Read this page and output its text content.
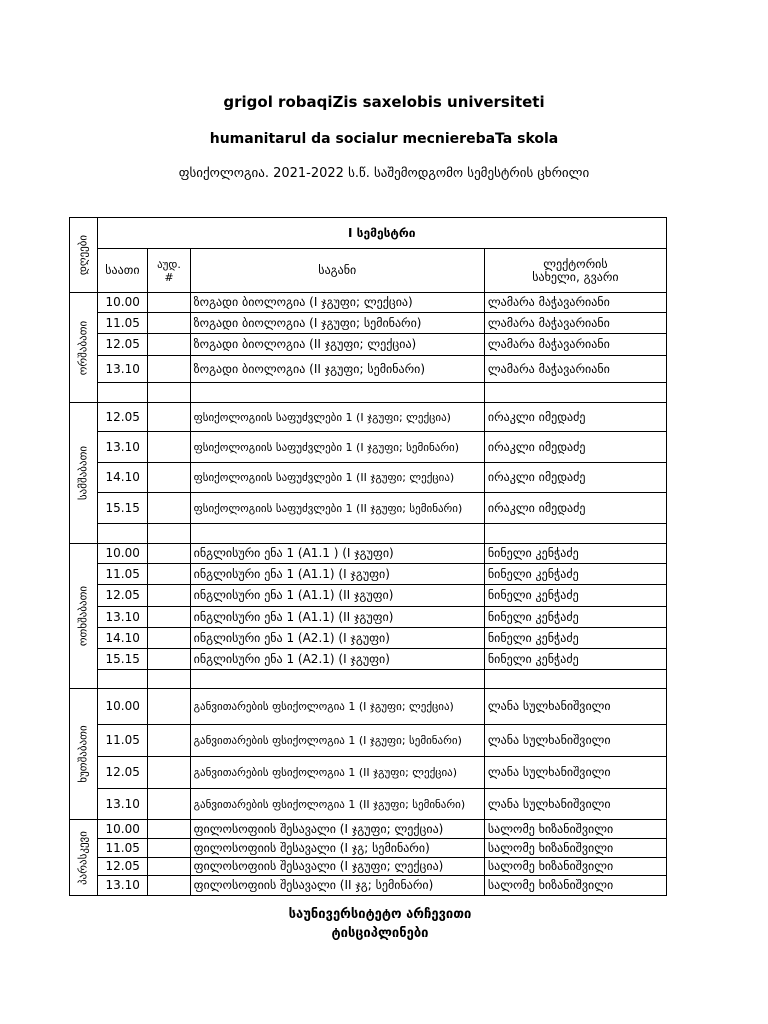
grigol robaqiZis saxelobis universiteti
humanitarul da socialur mecnierebaTa skola
ფსიქოლოგია. 2021-2022 ს.წ. საშემოდგომო სემესტრის ცხრილი
დღეები	I სემესტრი			
	საათი	აუდ. #	საგანი	ლექტორის
სახელი, გვარი

ორშაბათი	10.00		ზოგადი ბიოლოგია (I ჯგუფი; ლექცია)	ლამარა მაჭავარიანი
	11.05		ზოგადი ბიოლოგია (I ჯგუფი; სემინარი)	ლამარა მაჭავარიანი
	12.05		ზოგადი ბიოლოგია (II ჯგუფი; ლექცია)	ლამარა მაჭავარიანი
	13.10		ზოგადი ბიოლოგია (II ჯგუფი; სემინარი)	ლამარა მაჭავარიანი

სამშაბათი	12.05		ფსიქოლოგიის საფუძვლები 1 (I ჯგუფი; ლექცია)	ირაკლი იმედაძე
	13.10		ფსიქოლოგიის საფუძვლები 1 (I ჯგუფი; სემინარი)	ირაკლი იმედაძე
	14.10		ფსიქოლოგიის საფუძვლები 1 (II ჯგუფი; ლექცია)	ირაკლი იმედაძე
	15.15		ფსიქოლოგიის საფუძვლები 1 (II ჯგუფი; სემინარი)	ირაკლი იმედაძე

ოთხშაბათი	10.00		ინგლისური ენა 1 (A1.1 ) (I ჯგუფი)	ნინელი კენჭაძე
	11.05		ინგლისური ენა 1 (A1.1) (I ჯგუფი)	ნინელი კენჭაძე
	12.05		ინგლისური ენა 1 (A1.1) (II ჯგუფი)	ნინელი კენჭაძე
	13.10		ინგლისური ენა 1 (A1.1) (II ჯგუფი)	ნინელი კენჭაძე
	14.10		ინგლისური ენა 1 (A2.1) (I ჯგუფი)	ნინელი კენჭაძე
	15.15		ინგლისური ენა 1 (A2.1) (I ჯგუფი)	ნინელი კენჭაძე

ხუთშაბათი	10.00		განვითარების ფსიქოლოგია 1 (I ჯგუფი; ლექცია)	ლანა სულხანიშვილი
	11.05		განვითარების ფსიქოლოგია 1 (I ჯგუფი; სემინარი)	ლანა სულხანიშვილი
	12.05		განვითარების ფსიქოლოგია 1 (II ჯგუფი; ლექცია)	ლანა სულხანიშვილი
	13.10		განვითარების ფსიქოლოგია 1 (II ჯგუფი; სემინარი)	ლანა სულხანიშვილი

პარასკევი	10.00		ფილოსოფიის შესავალი (I ჯგუფი; ლექცია)	სალომე ხიზანიშვილი
	11.05		ფილოსოფიის შესავალი (I ჯგ; სემინარი)	სალომე ხიზანიშვილი
	12.05		ფილოსოფიის შესავალი (I ჯგუფი; ლექცია)	სალომე ხიზანიშვილი
	13.10		ფილოსოფიის შესავალი (II ჯგ; სემინარი)	სალომე ხიზანიშვილი
საუნივერსიტეტო არჩევითი
ტისციპლინები
